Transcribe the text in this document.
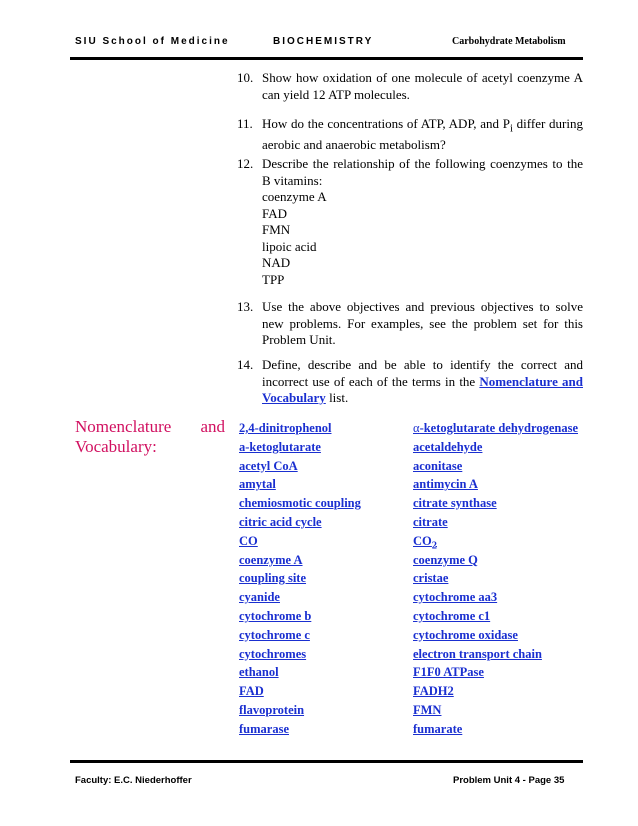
SIU School of Medicine	BIOCHEMISTRY	Carbohydrate Metabolism
10. Show how oxidation of one molecule of acetyl coenzyme A can yield 12 ATP molecules.
11. How do the concentrations of ATP, ADP, and $P_i$ differ during aerobic and anaerobic metabolism?
12. Describe the relationship of the following coenzymes to the B vitamins:
coenzyme A
FAD
FMN
lipoic acid
NAD
TPP
13. Use the above objectives and previous objectives to solve new problems. For examples, see the problem set for this Problem Unit.
14. Define, describe and be able to identify the correct and incorrect use of each of the terms in the Nomenclature and Vocabulary list.
Nomenclature and
Vocabulary:
2,4-dinitrophenol
a-ketoglutarate
acetyl CoA
amytal
chemiosmotic coupling
citric acid cycle
CO
coenzyme A
coupling site
cyanide
cytochrome b
cytochrome c
cytochromes
ethanol
FAD
flavoprotein
fumarase
α-ketoglutarate dehydrogenase
acetaldehyde
aconitase
antimycin A
citrate synthase
citrate
$CO_2$
coenzyme Q
cristae
cytochrome aa3
cytochrome c1
cytochrome oxidase
electron transport chain
F1F0 ATPase
FADH2
FMN
fumarate
Faculty: E.C. Niederhoffer	Problem Unit 4 - Page 35
